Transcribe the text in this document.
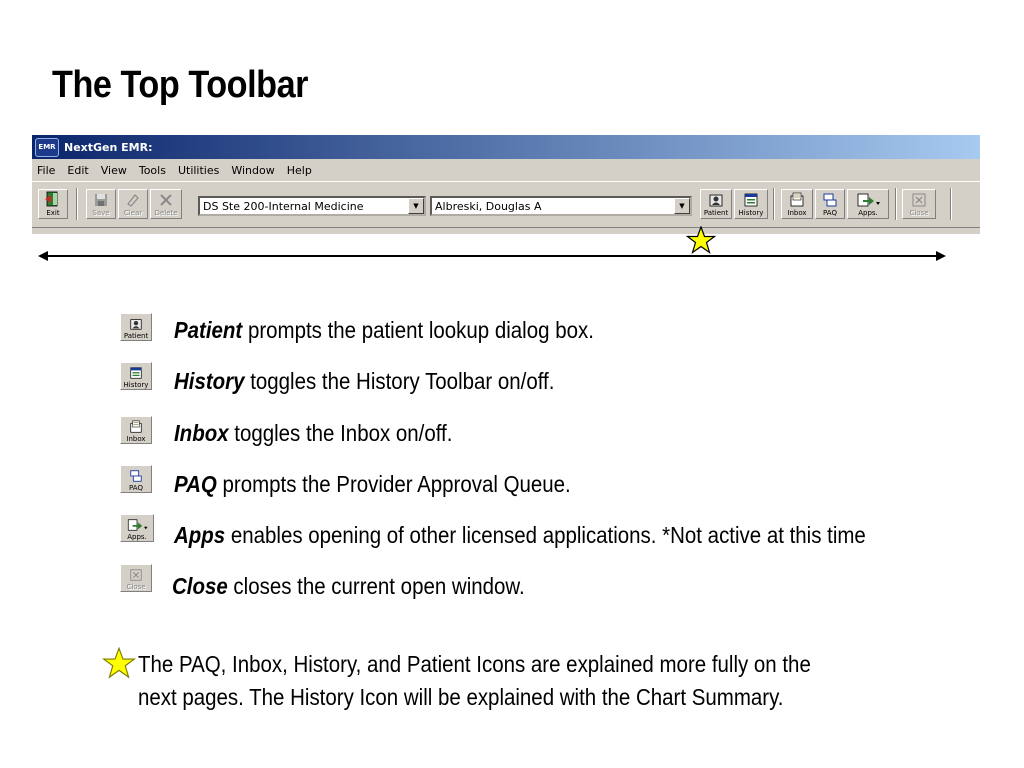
The Top Toolbar
EMR NextGen EMR:
File	Edit	View	Tools	Utilities	Window	Help
Exit	Save Clear Delete
DS Ste 200-Internal Medicine	▼	Albreski, Douglas A	▼
Patient History	Inbox PAQ	Apps.	Close
Patient Patient prompts the patient lookup dialog box.
History History toggles the History Toolbar on/off.
Inbox Inbox toggles the Inbox on/off.
PAQ PAQ prompts the Provider Approval Queue.
Apps. Apps enables opening of other licensed applications. *Not active at this time
Close Close closes the current open window.
The PAQ, Inbox, History, and Patient Icons are explained more fully on the
next pages. The History Icon will be explained with the Chart Summary.
